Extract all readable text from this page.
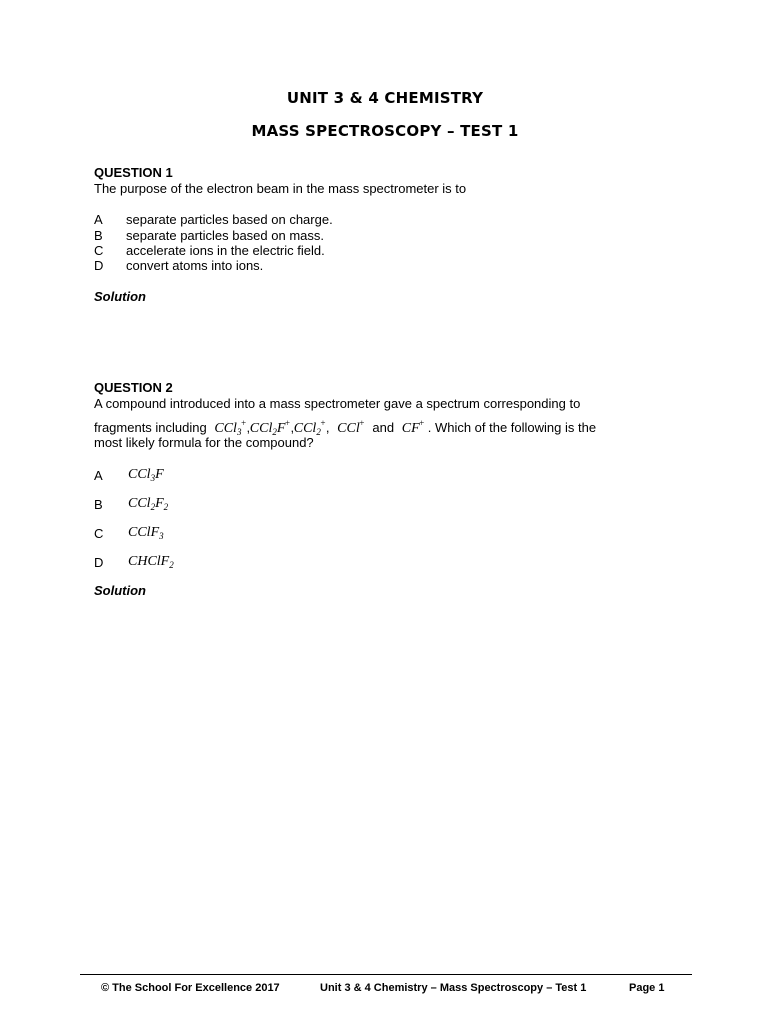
UNIT 3 & 4 CHEMISTRY
MASS SPECTROSCOPY – TEST 1
QUESTION 1
The purpose of the electron beam in the mass spectrometer is to
A separate particles based on charge.
B separate particles based on mass.
C accelerate ions in the electric field.
D convert atoms into ions.
Solution
QUESTION 2
A compound introduced into a mass spectrometer gave a spectrum corresponding to
fragments including CCl$_3$+, CCl$_2$F+, CCl$_2$+, CCl+ and CF+ . Which of the following is the
most likely formula for the compound?
A CCl$_3$F
B $CCl_2F_2$
C CClF$_3$
D CHClF$_2$
Solution
© The School For Excellence 2017	Unit 3 & 4 Chemistry – Mass Spectroscopy – Test 1	Page 1
